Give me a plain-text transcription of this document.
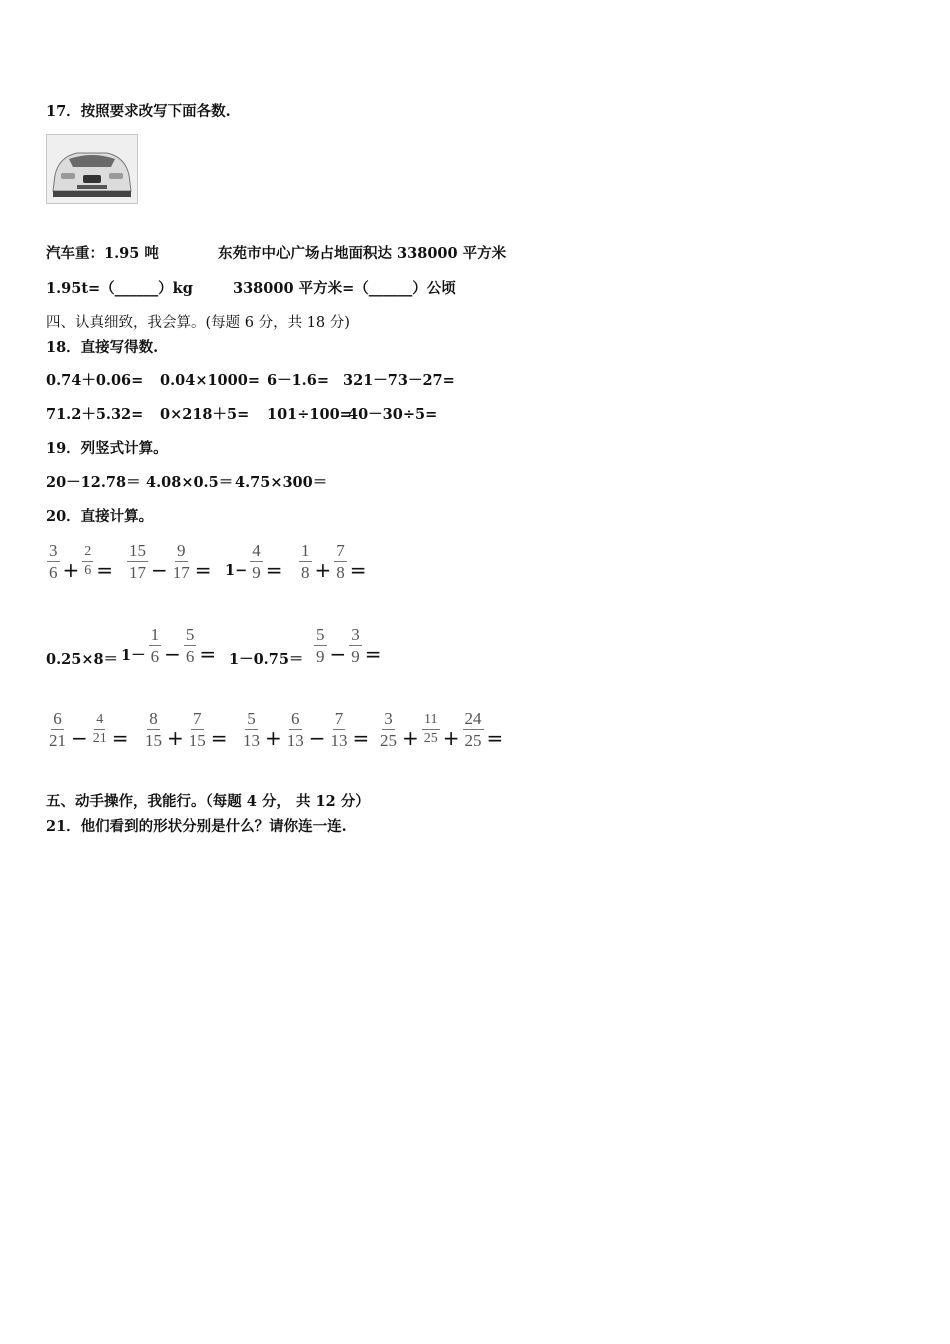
17．按照要求改写下面各数.
汽车重：1.95 吨	东苑市中心广场占地面积达 338000 平方米
1.95t=（______）kg	338000 平方米=（______）公顷
四、认真细致，我会算。(每题 6 分，共 18 分)
18．直接写得数.
0.74＋0.06= 0.04×1000= 6－1.6= 321－73－27=
71.2＋5.32= 0×218＋5= 101÷100=
40－30÷5=
19．列竖式计算。
20－12.78＝ 4.08×0.5＝ 4.75×300＝
20．直接计算。
$\frac{3}{6} + \frac{2}{6} = \frac{15}{17} - \frac{9}{17} = 1- \frac{4}{9} = \frac{1}{8} + \frac{7}{8}$ =
$0.25\times 8= 1- \frac{1}{6} - \frac{5}{6} = 1-0.75= \frac{5}{9} - \frac{3}{9}$ =
$\frac{6}{21} - \frac{4}{21} = \frac{8}{15} + \frac{7}{15} = \frac{5}{13} + \frac{6}{13} - \frac{7}{13} = \frac{3}{25} + \frac{11}{25} + \frac{24}{25}$ =
五、动手操作，我能行。（每题 4 分， 共 12 分）
21．他们看到的形状分别是什么？请你连一连.
